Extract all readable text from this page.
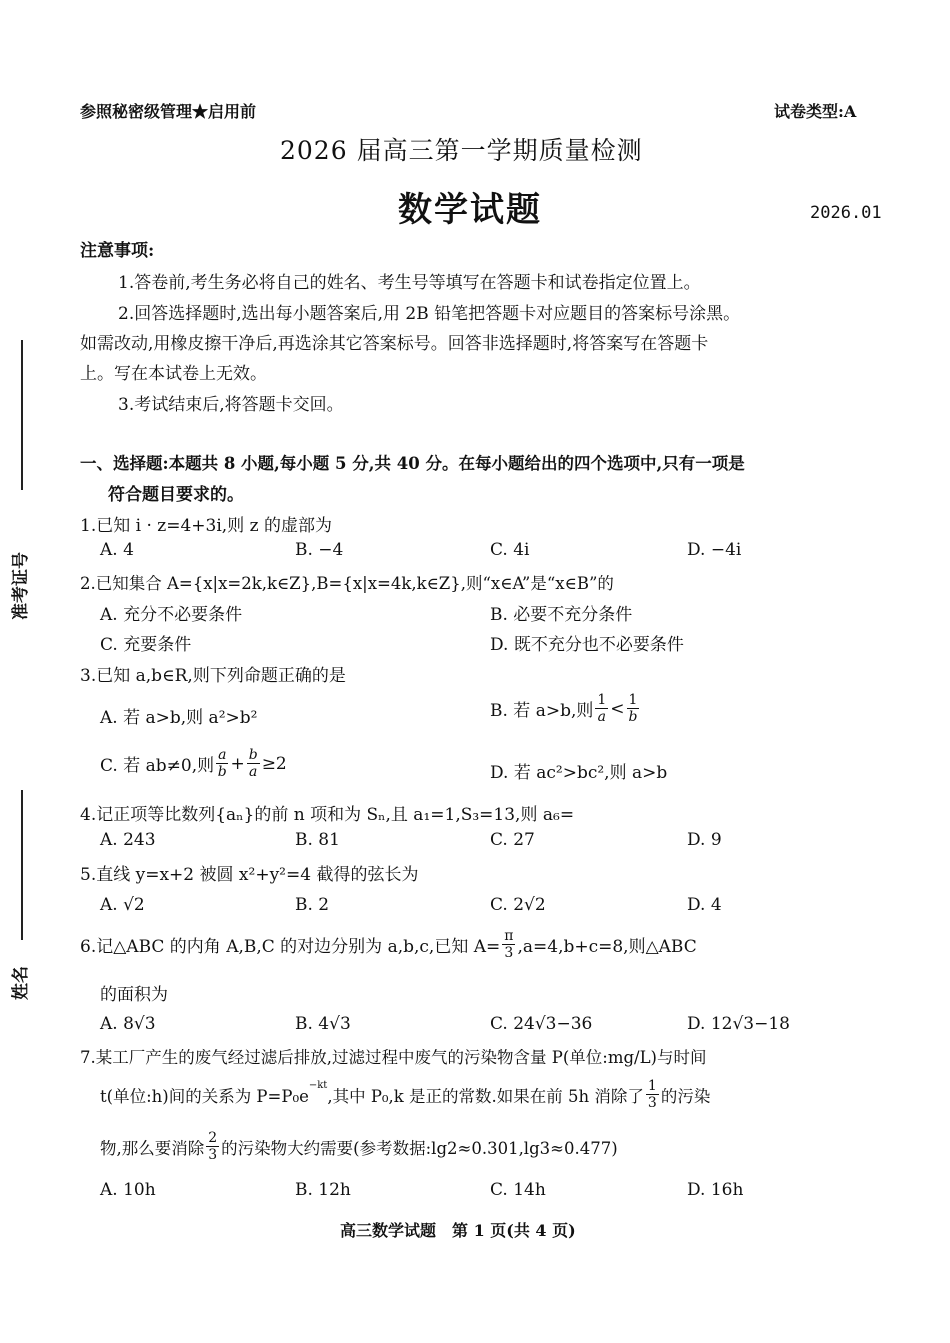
准考证号
姓名
参照秘密级管理★启用前	试卷类型:A
2026 届高三第一学期质量检测
数学试题	2026.01
注意事项:
1.答卷前,考生务必将自己的姓名、考生号等填写在答题卡和试卷指定位置上。
2.回答选择题时,选出每小题答案后,用 2B 铅笔把答题卡对应题目的答案标号涂黑。
如需改动,用橡皮擦干净后,再选涂其它答案标号。回答非选择题时,将答案写在答题卡
上。写在本试卷上无效。
3.考试结束后,将答题卡交回。
一、选择题:本题共 8 小题,每小题 5 分,共 40 分。在每小题给出的四个选项中,只有一项是
符合题目要求的。
1.已知 i · z=4+3i,则 z 的虚部为
A. 4	B. −4	C. 4i	D. −4i
2.已知集合 A={x|x=2k,k∈Z},B={x|x=4k,k∈Z},则“x∈A”是“x∈B”的
A. 充分不必要条件	B. 必要不充分条件
C. 充要条件	D. 既不充分也不必要条件
3.已知 a,b∈R,则下列命题正确的是
A. 若 a>b,则 a²>b²	B. 若 a>b,则
1
a < 1
b
C. 若 ab≠0,则
a
$b + \frac{b}{a} \ge 2$	D. 若 ac²>bc²,则 a>b
4.记正项等比数列{aₙ}的前 n 项和为 Sₙ,且 a₁=1,S₃=13,则 a₆=
A. 243	B. 81	C. 27	D. 9
5.直线 y=x+2 被圆 x²+y²=4 截得的弦长为
A. √2	B. 2	C. 2√2	D. 4
6.记△ABC 的内角 A,B,C 的对边分别为 a,b,c,已知 $A= \frac{\pi}{3} ,a=4,b+c=8$,则△ABC
的面积为
A. 8√3	B. 4√3	C. 24√3−36	D. 12√3−18
7.某工厂产生的废气经过滤后排放,过滤过程中废气的污染物含量 P(单位:mg/L)与时间
t(单位:h)间的关系为 P=P₀e
$^{-kt}$
,其中 P₀,k 是正的常数.如果在前 5h 消除了
1
3 的污染
物,那么要消除
2
3 的污染物大约需要(参考数据:lg2≈0.301,lg3≈0.477)
A. 10h	B. 12h	C. 14h	D. 16h
高三数学试题　第 1 页(共 4 页)
